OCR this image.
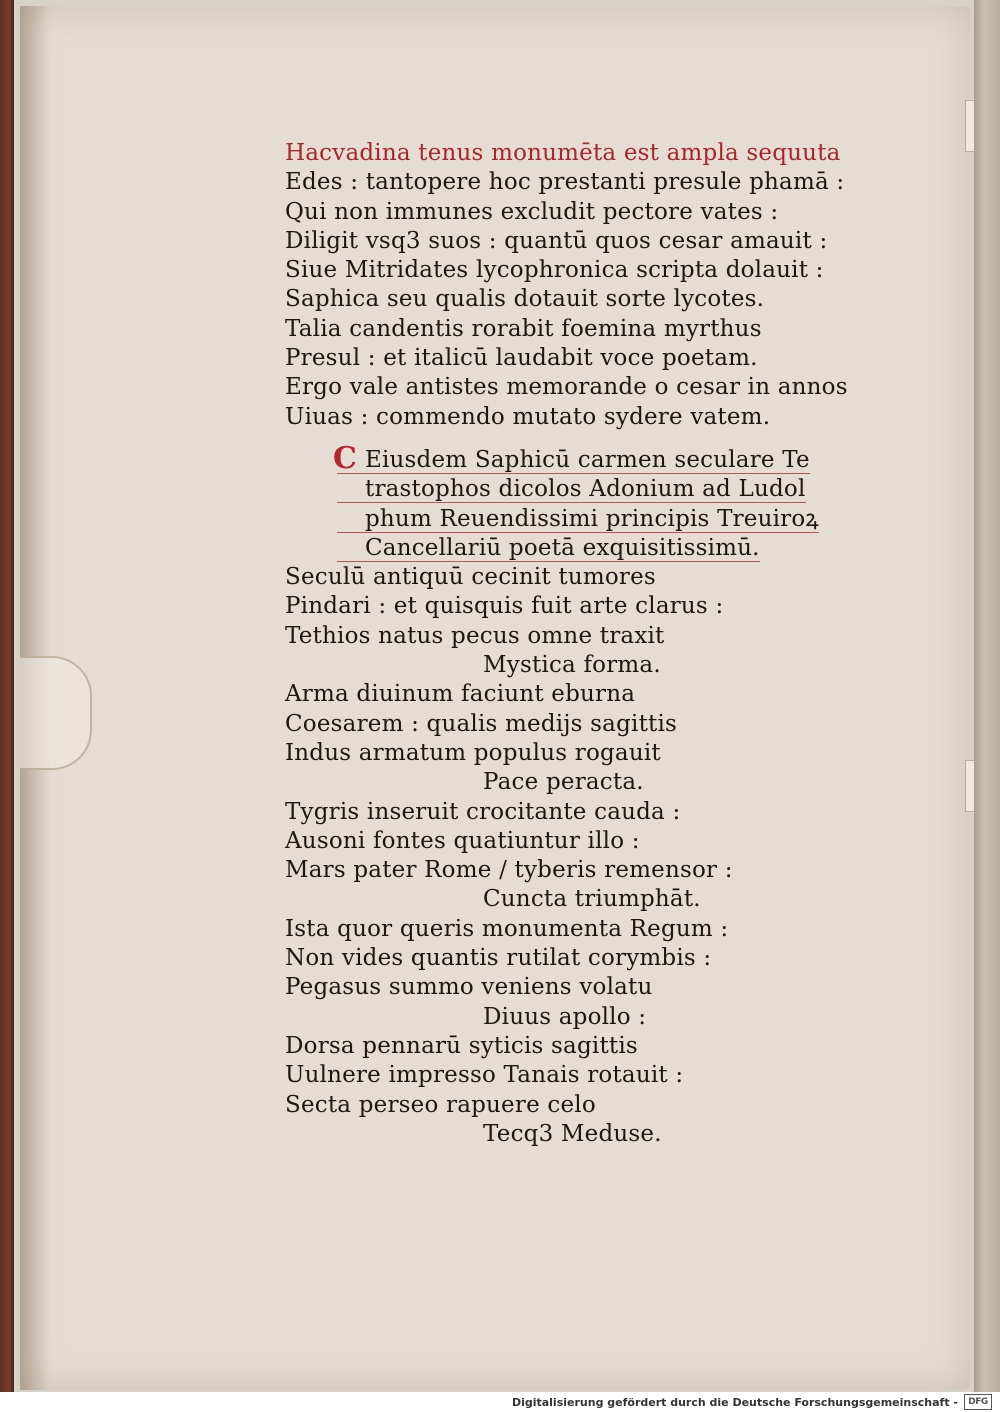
Hacvadina tenus monumēta est ampla sequuta
Edes : tantopere hoc prestanti presule phamā :
Qui non immunes excludit pectore vates :
Diligit vsq3 suos : quantū quos cesar amauit :
Siue Mitridates lycophronica scripta dolauit :
Saphica seu qualis dotauit sorte lycotes.
Talia candentis rorabit foemina myrthus
Presul : et italicū laudabit voce poetam.
Ergo vale antistes memorande o cesar in annos
Uiuas : commendo mutato sydere vatem.
C Eiusdem Saphicū carmen seculare Te
trastophos dicolos Adonium ad Ludol
phum Reuendissimi principis Treuiroꝝ
Cancellariū poetā exquisitissimū.
Seculū antiquū cecinit tumores
Pindari : et quisquis fuit arte clarus :
Tethios natus pecus omne traxit
Mystica forma.
Arma diuinum faciunt eburna
Coesarem : qualis medijs sagittis
Indus armatum populus rogauit
Pace peracta.
Tygris inseruit crocitante cauda :
Ausoni fontes quatiuntur illo :
Mars pater Rome / tyberis remensor :
Cuncta triumphāt.
Ista quor queris monumenta Regum :
Non vides quantis rutilat corymbis :
Pegasus summo veniens volatu
Diuus apollo :
Dorsa pennarū syticis sagittis
Uulnere impresso Tanais rotauit :
Secta perseo rapuere celo
Tecq3 Meduse.
Digitalisierung gefördert durch die Deutsche Forschungsgemeinschaft -	DFG
